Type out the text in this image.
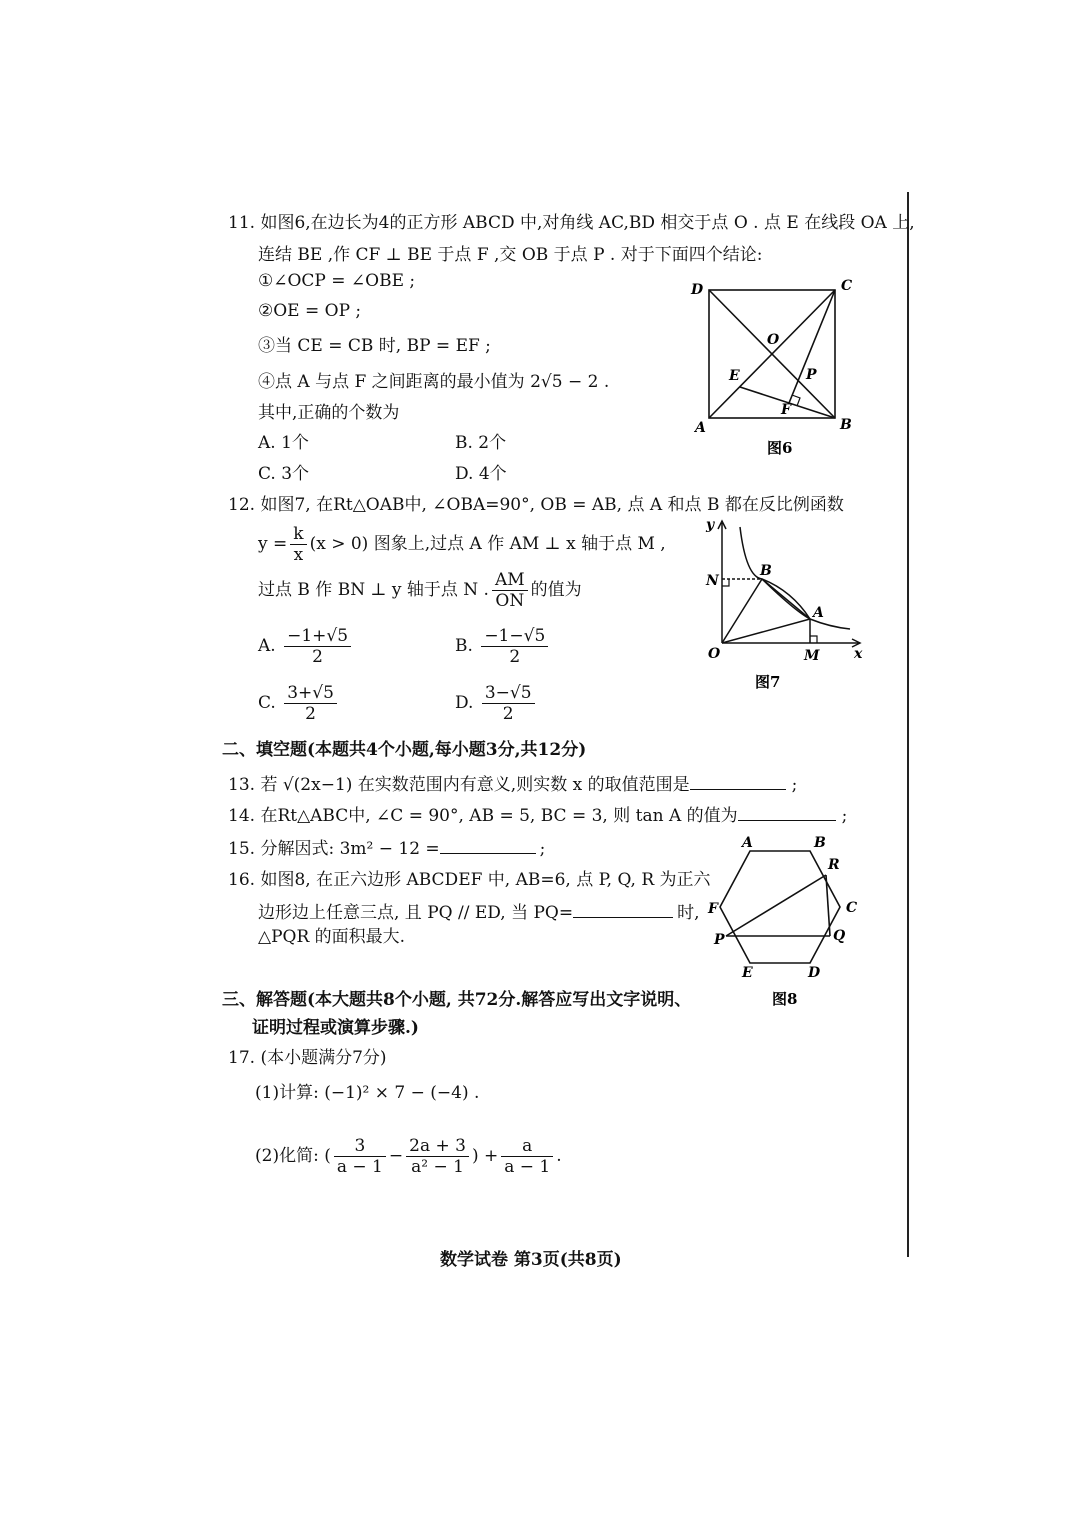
11. 如图6,在边长为4的正方形 ABCD 中,对角线 AC,BD 相交于点 O . 点 E 在线段 OA 上,
连结 BE ,作 CF ⊥ BE 于点 F ,交 OB 于点 P . 对于下面四个结论:
①∠OCP = ∠OBE ;
②OE = OP ;
③当 CE = CB 时, BP = EF ;
④点 A 与点 F 之间距离的最小值为 2√5 − 2 .
其中,正确的个数为
A. 1个	B. 2个
C. 3个	D. 4个
D	C
A	B
O
E	P
F
图6
12. 如图7, 在Rt△OAB中, ∠OBA=90°, OB = AB, 点 A 和点 B 都在反比例函数
$y = \frac{k}{x} (x > 0)$ 图象上,过点 A 作 AM ⊥ x 轴于点 M ,
过点 B 作 BN ⊥ y 轴于点 N . $\frac{AM}{ON}$ 的值为
A. $\frac{-1+√5}{2}$	B. $\frac{-1-√5}{2}$
C. $\frac{3+√5}{2}$	D. $\frac{3-√5}{2}$
y
x
O
N
B
A
M
图7
二、填空题(本题共4个小题,每小题3分,共12分)
13. 若 √(2x−1) 在实数范围内有意义,则实数 x 的取值范围是	;
14. 在Rt△ABC中, ∠C = 90°, AB = 5, BC = 3, 则 tan A 的值为	;
15. 分解因式: 3m² − 12 =	;
16. 如图8, 在正六边形 ABCDEF 中, AB=6, 点 P, Q, R 为正六
边形边上任意三点, 且 PQ // ED, 当 PQ=	时,
△PQR 的面积最大.
A	B
R
C
Q
D
E
F
P
图8
三、解答题(本大题共8个小题, 共72分.解答应写出文字说明、
证明过程或演算步骤.)
17. (本小题满分7分)
(1)计算: (−1)² × 7 − (−4) .
(2)化简: ( $\frac{3}{a - 1} - \frac{2a + 3}{\text{a² − 1}}$ ) + $\frac{a}{a - 1}$ .
数学试卷 第3页(共8页)
